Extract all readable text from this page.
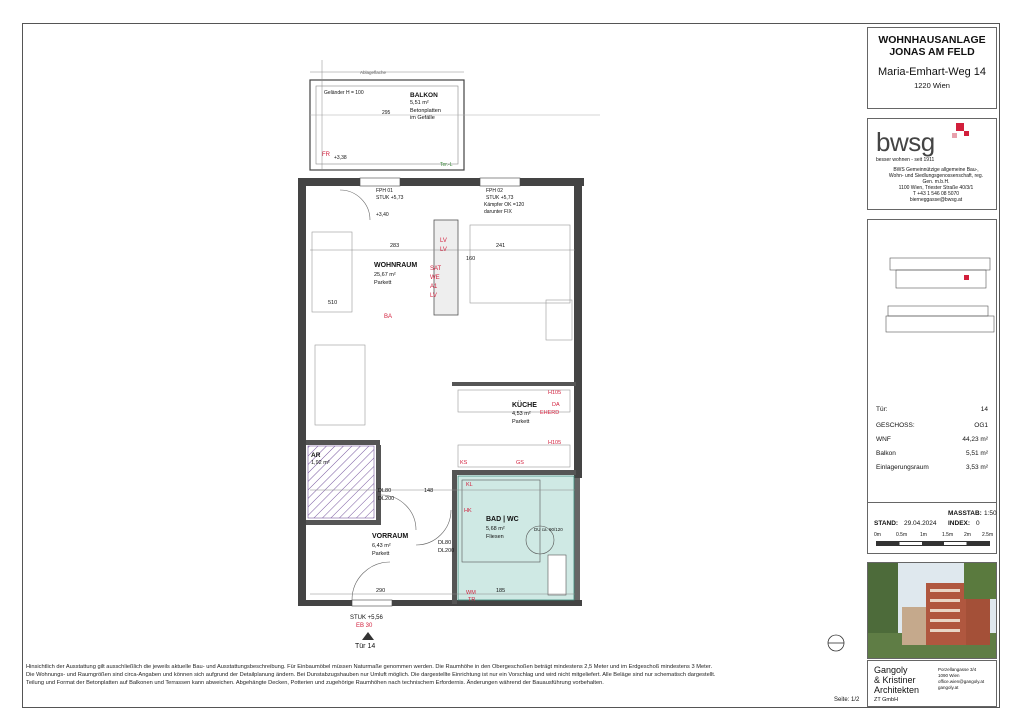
Geländer H = 100
Ablageflache
BALKON
5,51 m²
Betonplatten
im Gefälle
295
FR +3,38
Ter.-L
FPH 01
STUK +5,73
+3,40
FPH 02
STUK +5,73
Kämpfer OK =120
darunter FIX
283	241
WOHNRAUM
25,67 m²
Parkett
BA
LV
LV
SAT
WE
A1
LV
510
160
KÜCHE
4,53 m²
Parkett
H105
DA
EHERD
H105
KS	GS
KL
HK
WM
TR
AR
1,92 m²
DL80
DL200
148
BAD | WC
5,68 m²
Fliesen
DU ca. 90/120
VORRAUM
6,43 m²
Parkett
DL80
DL200
185
290
STUK +5,56
EB 30
Tür 14
WOHNHAUSANLAGE
JONAS AM FELD
Maria-Emhart-Weg 14
1220 Wien
bwsg
besser wohnen - seit 1911
BWS Gemeinnützige allgemeine Bau-, Wohn- und Siedlungsgenossenschaft, reg. Gen. m.b.H.
1100 Wien, Triester Straße 40/3/1
T +43 1 546 08 5070
bierneggasse@bwsg.at
Tür:	14
GESCHOSS:	OG1
WNF	44,23 m²
Balkon	5,51 m²
Einlagerungsraum	3,53 m²
MASSTAB: 1:50
STAND: 29.04.2024 INDEX: 0
0m	0.5m	1m	1.5m 2m 2.5m
Gangoly
& Kristiner
Architekten
ZT GmbH
Porzellangasse 3/4
1090 Wien
office.wien@gangoly.at
gangoly.at
Hinsichtlich der Ausstattung gilt ausschließlich die jeweils aktuelle Bau- und Ausstattungsbeschreibung. Für Einbaumöbel müssen Naturmaße genommen werden. Die Raumhöhe in den Obergeschoßen beträgt mindestens 2,5 Meter und im Erdgeschoß mindestens 3 Meter.
Die Wohnungs- und Raumgrößen sind circa-Angaben und können sich aufgrund der Detailplanung ändern. Bei Dunstabzugshauben nur Umluft möglich. Die dargestellte Einrichtung ist nur ein Vorschlag und wird nicht mitgeliefert. Alle Beläge sind nur schematisch dargestellt.
Teilung und Format der Betonplatten auf Balkonen und Terrassen kann abweichen. Abgehängte Decken, Potterien und zugehörige Raumhöhen nach technischem Erfordernis. Änderungen während der Bauausführung vorbehalten.
Seite: 1/2
